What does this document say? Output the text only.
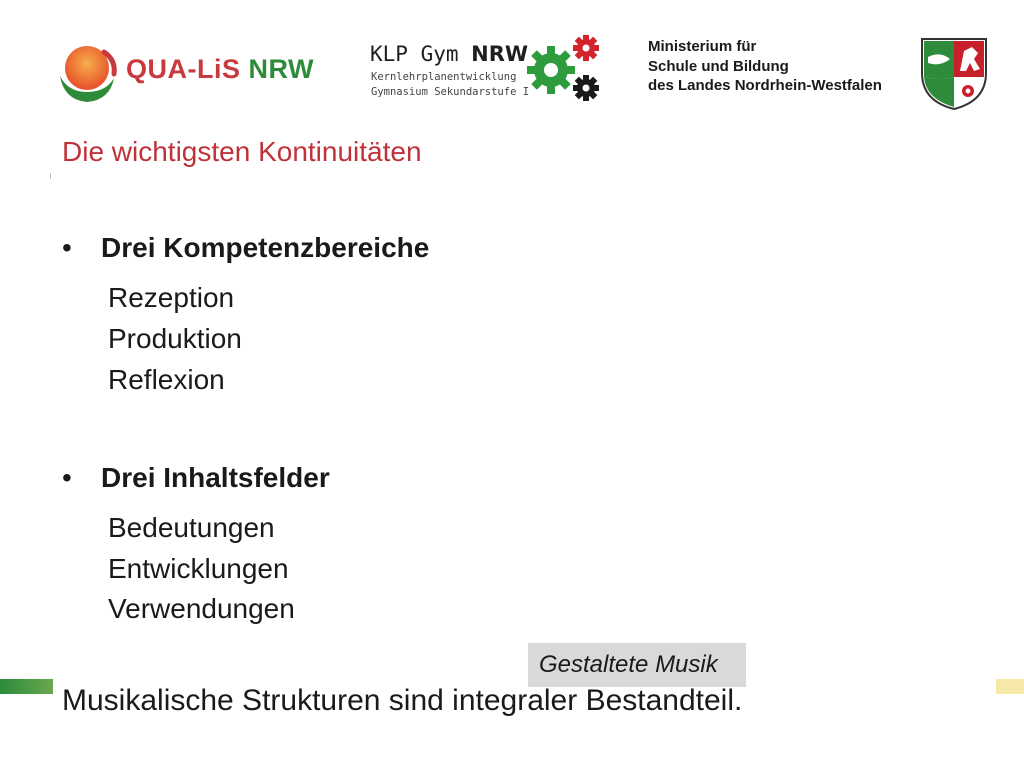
QUA-LiS NRW	KLP Gym NRW
Kernlehrplanentwicklung
Gymnasium Sekundarstufe I
Ministerium für
Schule und Bildung
des Landes Nordrhein-Westfalen
Die wichtigsten Kontinuitäten
• Drei Kompetenzbereiche
Rezeption
Produktion
Reflexion
• Drei Inhaltsfelder
Bedeutungen
Entwicklungen
Verwendungen
Gestaltete Musik
Musikalische Strukturen sind integraler Bestandteil.
